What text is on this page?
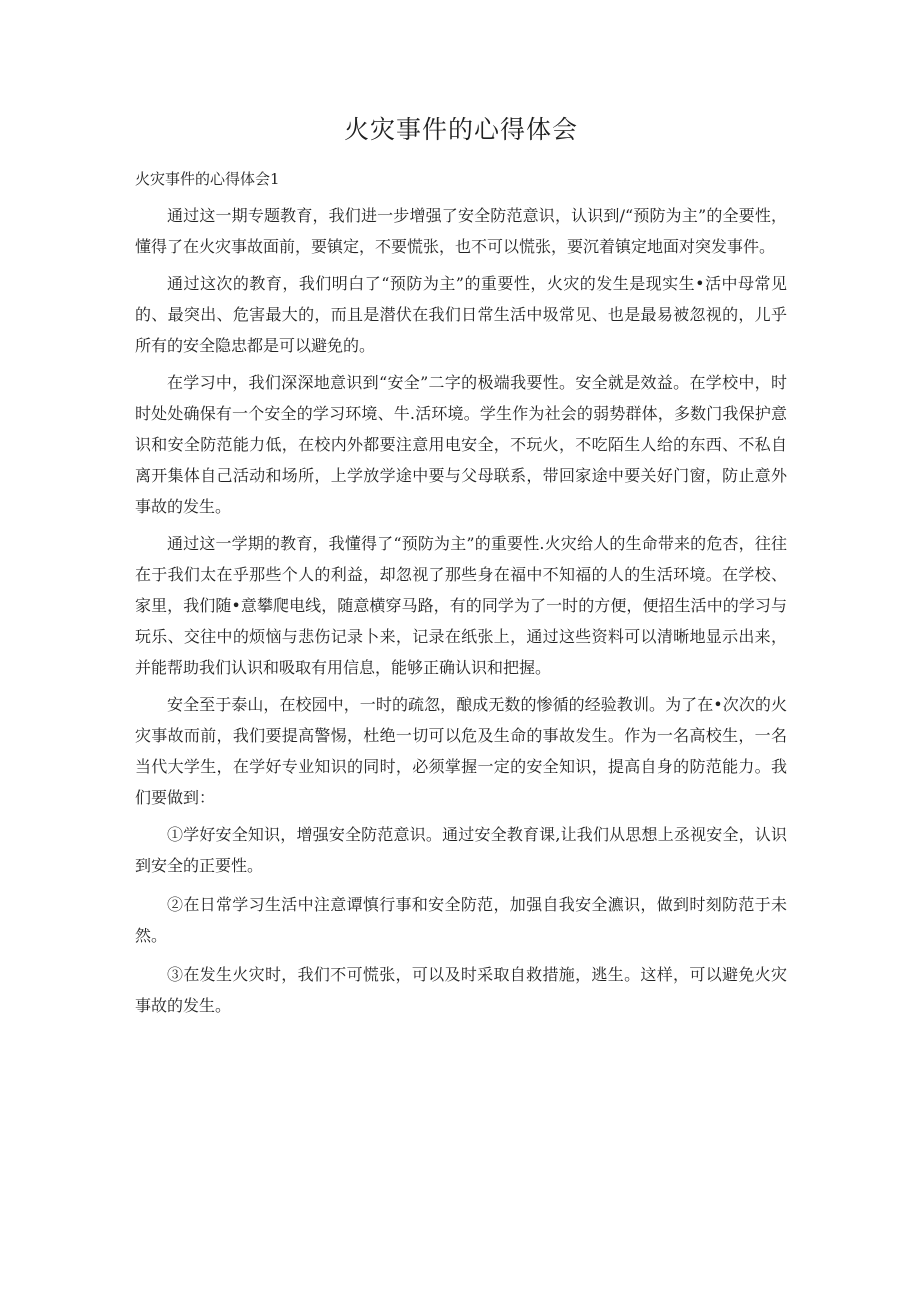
火灾事件的心得体会
火灾事件的心得体会1

通过这一期专题教育，我们进一步增强了安全防范意识，认识到/“预防为主”的全要性，懂得了在火灾事故面前，要镇定，不要慌张，也不可以慌张，要沉着镇定地面对突发事件。

通过这次的教育，我们明白了“预防为主”的重要性，火灾的发生是现实生•活中母常见的、最突出、危害最大的，而且是潜伏在我们日常生活中圾常见、也是最易被忽视的，儿乎所有的安全隐忠都是可以避免的。

在学习中，我们深深地意识到“安全”二字的极端我要性。安全就是效益。在学校中，时时处处确保有一个安全的学习环境、牛.活环境。学生作为社会的弱势群体，多数门我保护意识和安全防范能力低，在校内外都要注意用电安全，不玩火，不吃陌生人给的东西、不私自离开集体自己活动和场所，上学放学途中要与父母联系，带回家途中要关好门窗，防止意外事故的发生。

通过这一学期的教育，我懂得了“预防为主”的重要性.火灾给人的生命带来的危杏，往往在于我们太在乎那些个人的利益，却忽视了那些身在福中不知福的人的生活环境。在学校、家里，我们随•意攀爬电线，随意横穿马路，有的同学为了一时的方便，便招生活中的学习与玩乐、交往中的烦恼与悲伤记录卜来，记录在纸张上，通过这些资料可以清晰地显示出来，并能帮助我们认识和吸取有用信息，能够正确认识和把握。

安全至于泰山，在校园中，一时的疏忽，酿成无数的惨循的经验教训。为了在•次次的火灾事故而前，我们要提高警惕，杜绝一切可以危及生命的事故发生。作为一名高校生，一名当代大学生，在学好专业知识的同时，必须掌握一定的安全知识，提高自身的防范能力。我们要做到：

①学好安全知识，增强安全防范意识。通过安全教育课,让我们从思想上丞视安全，认识到安全的正要性。

②在日常学习生活中注意谭慎行事和安全防范，加强自我安全瀌识，做到时刻防范于未然。

③在发生火灾时，我们不可慌张，可以及时采取自救措施，逃生。这样，可以避免火灾事故的发生。
